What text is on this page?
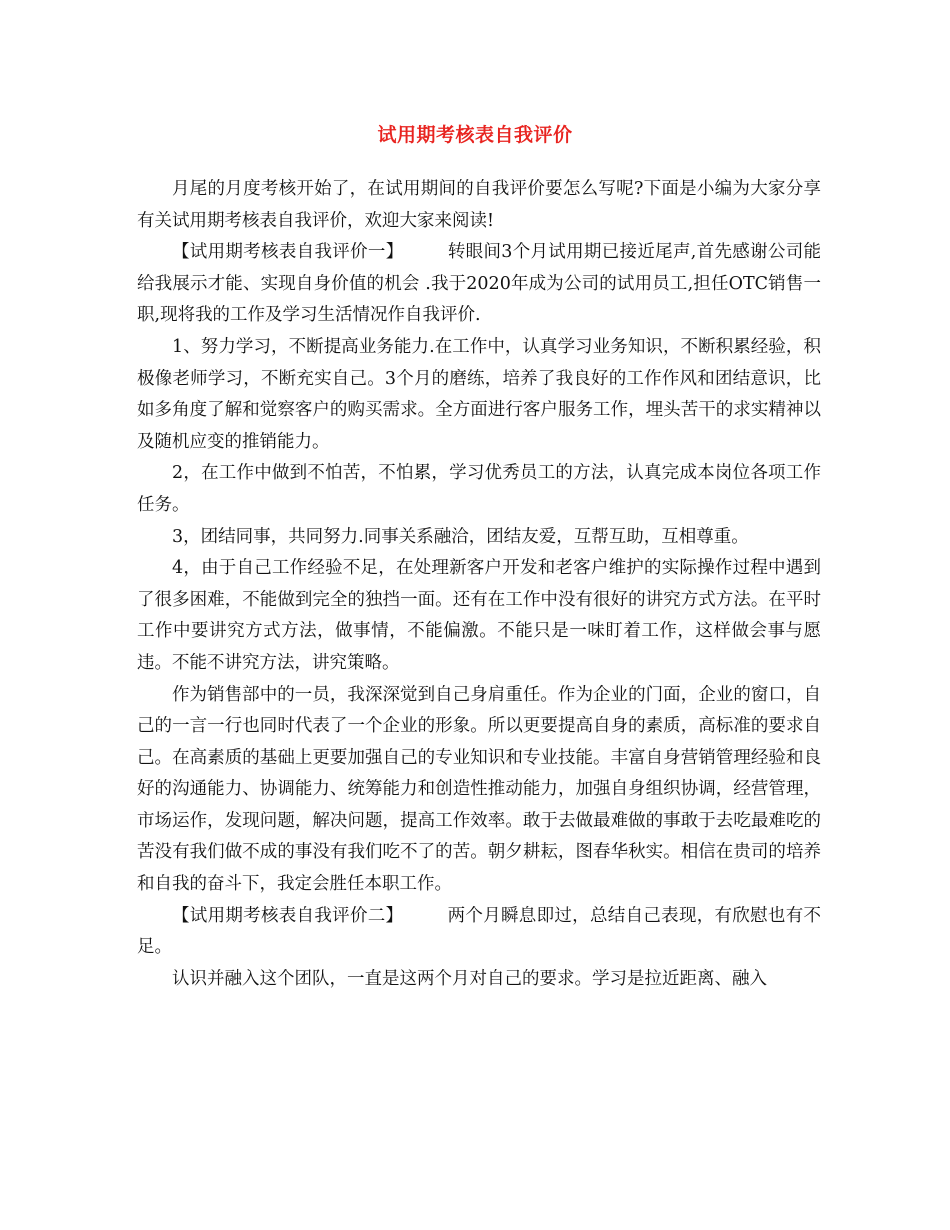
试用期考核表自我评价

月尾的月度考核开始了，在试用期间的自我评价要怎么写呢?下面是小编为大家分享有关试用期考核表自我评价，欢迎大家来阅读!

【试用期考核表自我评价一】	转眼间3个月试用期已接近尾声,首先感谢公司能给我展示才能、实现自身价值的机会 .我于2020年成为公司的试用员工,担任OTC销售一职,现将我的工作及学习生活情况作自我评价.

1、努力学习，不断提高业务能力.在工作中，认真学习业务知识，不断积累经验，积极像老师学习，不断充实自己。3个月的磨练，培养了我良好的工作作风和团结意识，比如多角度了解和觉察客户的购买需求。全方面进行客户服务工作，埋头苦干的求实精神以及随机应变的推销能力。

2，在工作中做到不怕苦，不怕累，学习优秀员工的方法，认真完成本岗位各项工作任务。

3，团结同事，共同努力.同事关系融洽，团结友爱，互帮互助，互相尊重。

4，由于自己工作经验不足，在处理新客户开发和老客户维护的实际操作过程中遇到了很多困难，不能做到完全的独挡一面。还有在工作中没有很好的讲究方式方法。在平时工作中要讲究方式方法，做事情，不能偏激。不能只是一味盯着工作，这样做会事与愿违。不能不讲究方法，讲究策略。

作为销售部中的一员，我深深觉到自己身肩重任。作为企业的门面，企业的窗口，自己的一言一行也同时代表了一个企业的形象。所以更要提高自身的素质，高标准的要求自己。在高素质的基础上更要加强自己的专业知识和专业技能。丰富自身营销管理经验和良好的沟通能力、协调能力、统筹能力和创造性推动能力，加强自身组织协调，经营管理，市场运作，发现问题，解决问题，提高工作效率。敢于去做最难做的事敢于去吃最难吃的苦没有我们做不成的事没有我们吃不了的苦。朝夕耕耘，图春华秋实。相信在贵司的培养和自我的奋斗下，我定会胜任本职工作。

【试用期考核表自我评价二】	两个月瞬息即过，总结自己表现，有欣慰也有不足。

认识并融入这个团队，一直是这两个月对自己的要求。学习是拉近距离、融入
